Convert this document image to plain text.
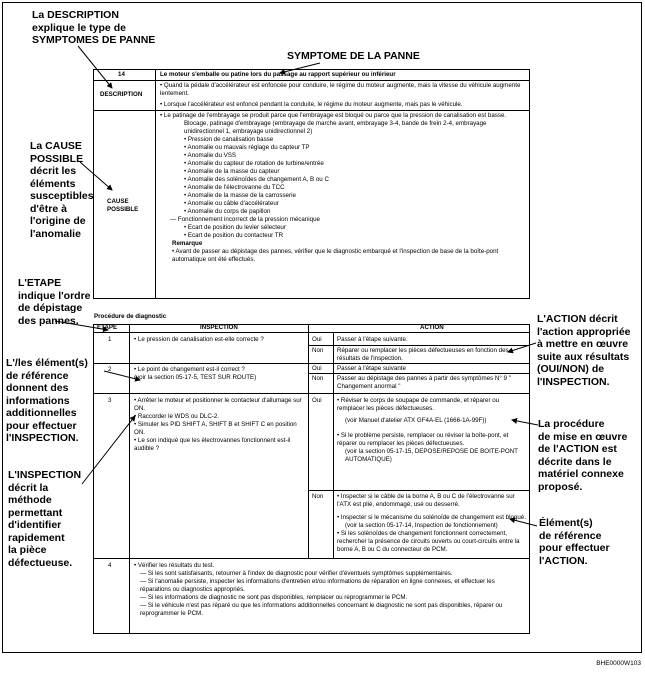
La DESCRIPTION
explique le type de
SYMPTOMES DE PANNE
SYMPTOME DE LA PANNE
La CAUSE
POSSIBLE
décrit les
éléments
susceptibles
d'être à
l'origine de
l'anomalie
L'ETAPE
indique l'ordre
de dépistage
des pannes.
L'/les élément(s)
de référence
donnent des
informations
additionnelles
pour effectuer
l'INSPECTION.
L'INSPECTION
décrit la
méthode
permettant
d'identifier
rapidement
la pièce
défectueuse.
L'ACTION décrit
l'action appropriée
à mettre en œuvre
suite aux résultats
(OUI/NON) de
l'INSPECTION.
La procédure
de mise en œuvre
de l'ACTION est
décrite dans le
matériel connexe
proposé.
Élément(s)
de référence
pour effectuer
l'ACTION.
14	Le moteur s'emballe ou patine lors du passage au rapport supérieur ou inférieur
DESCRIPTION
• Quand la pédale d'accélérateur est enfoncée pour conduire, le régime du moteur augmente, mais la vitesse du véhicule augmente lentement.
• Lorsque l'accélérateur est enfoncé pendant la conduite, le régime du moteur augmente, mais pas le véhicule.
CAUSE POSSIBLE
• Le patinage de l'embrayage se produit parce que l'embrayage est bloqué ou parce que la pression de canalisation est basse.
Blocage, patinage d'embrayage (embrayage de marche avant, embrayage 3-4, bande de frein 2-4, embrayage unidirectionnel 1, embrayage unidirectionnel 2)
• Pression de canalisation basse
• Anomalie ou mauvais réglage du capteur TP
• Anomalie du VSS
• Anomalie du capteur de rotation de turbine/entrée
• Anomalie de la masse du capteur
• Anomalie des solénoïdes de changement A, B ou C
• Anomalie de l'électrovanne du TCC
• Anomalie de la masse de la carrosserie
• Anomalie ou câble d'accélérateur
• Anomalie du corps de papillon
— Fonctionnement incorrect de la pression mécanique
• Ecart de position du levier sélecteur
• Ecart de position du contacteur TR
Remarque
• Avant de passer au dépistage des pannes, vérifier que le diagnostic embarqué et l'inspection de base de la boîte-pont automatique ont été effectués.
Procédure de diagnostic
ETAPE	INSPECTION	ACTION
1	• Le pression de canalisation est-elle correcte ?	Oui Passer à l'étape suivante.
Non Réparer ou remplacer les pièces défectueuses en fonction des résultats de l'inspection.
2	• Le point de changement est-il correct ?
(voir la section 05-17-5, TEST SUR ROUTE)
Oui Passer à l'étape suivante
Non Passer au dépistage des pannes à partir des symptômes N° 9 " Changement anormal "
3	• Arrêter le moteur et positionner le contacteur d'allumage sur ON.
• Raccorder le WDS ou DLC-2.
• Simuler les PID SHIFT A, SHIFT B et SHIFT C en position ON.
• Le son indiqué que les électrovannes fonctionnent est-il audible ?
Oui	• Réviser le corps de soupape de commande, et réparer ou remplacer les pièces défectueuses.
(voir Manuel d'atelier ATX GF4A-EL (1666-1A-99F))
• Si le problème persiste, remplacer ou réviser la boîte-pont, et réparer ou remplacer les pièces défectueuses.
(voir la section 05-17-15, DEPOSE/REPOSE DE BOITE-PONT AUTOMATIQUE)
Non	• Inspecter si le câble de la borne A, B ou C de l'électrovanne sur l'ATX est plié, endommagé, usé ou desserré.
• Inspecter si le mécanisme du solénoïde de changement est bloqué.
(voir la section 05-17-14, Inspection de fonctionnement)
• Si les solénoïdes de changement fonctionnent correctement, rechercher la présence de circuits ouverts ou court-circuits entre la borne A, B ou C du connecteur de PCM.
4	• Vérifier les résultats du test.
— Si les sont satisfaisants, retourner à l'index de diagnostic pour vérifier d'éventuels symptômes supplémentaires.
— Si l'anomalie persiste, inspecter les informations d'entretien et/ou informations de réparation en ligne connexes, et effectuer les réparations ou diagnostics appropriés.
— Si les informations de diagnostic ne sont pas disponibles, remplacer ou reprogrammer le PCM.
— Si le véhicule n'est pas réparé ou que les informations additionnelles concernant le diagnostic ne sont pas disponibles, réparer ou reprogrammer le PCM.
BHE0000W103
